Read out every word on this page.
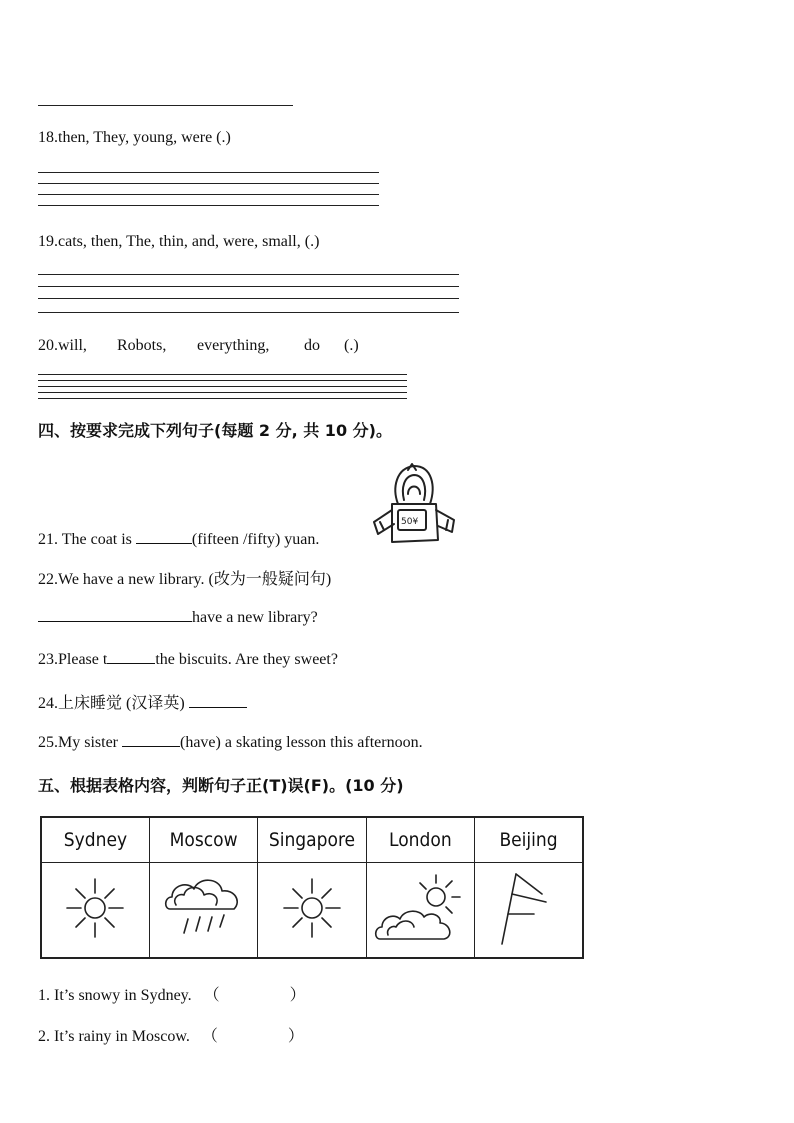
18.then, They, young, were (.)
19.cats, then, The, thin, and, were, small, (.)
20.will, Robots, everything, do (.)
四、按要求完成下列句子(每题 2 分, 共 10 分)。
50¥
21. The coat is	(fifteen /fifty) yuan.
22.We have a new library. (改为一般疑问句)
have a new library?
23.Please t	the biscuits. Are they sweet?
24.上床睡觉 (汉译英)
25.My sister	(have) a skating lesson this afternoon.
五、根据表格内容，判断句子正(T)误(F)。(10 分)
Sydney	Moscow	Singapore	London	Beijing

1. It’s snowy in Sydney. （	）
2. It’s rainy in Moscow. （	）
